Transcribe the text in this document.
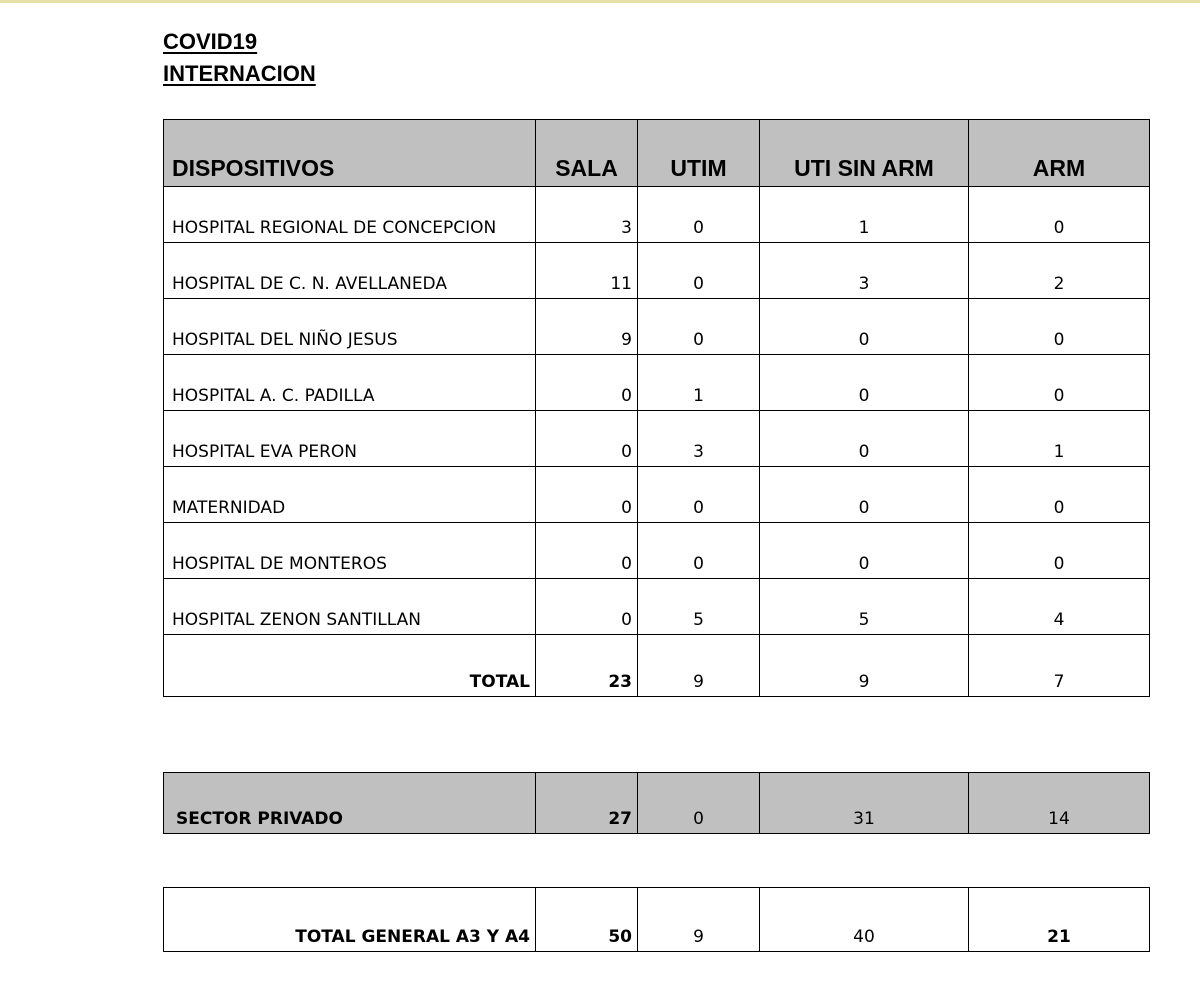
COVID19
INTERNACION
DISPOSITIVOS	SALA	UTIM	UTI SIN ARM	ARM
HOSPITAL REGIONAL DE CONCEPCION	3	0	1	0
HOSPITAL DE C. N. AVELLANEDA	11	0	3	2
HOSPITAL DEL NIÑO JESUS	9	0	0	0
HOSPITAL A. C. PADILLA	0	1	0	0
HOSPITAL EVA PERON	0	3	0	1
MATERNIDAD	0	0	0	0
HOSPITAL DE MONTEROS	0	0	0	0
HOSPITAL ZENON SANTILLAN	0	5	5	4
TOTAL	23	9	9	7
SECTOR PRIVADO	27	0	31	14
TOTAL GENERAL A3 Y A4	50	9	40	21
